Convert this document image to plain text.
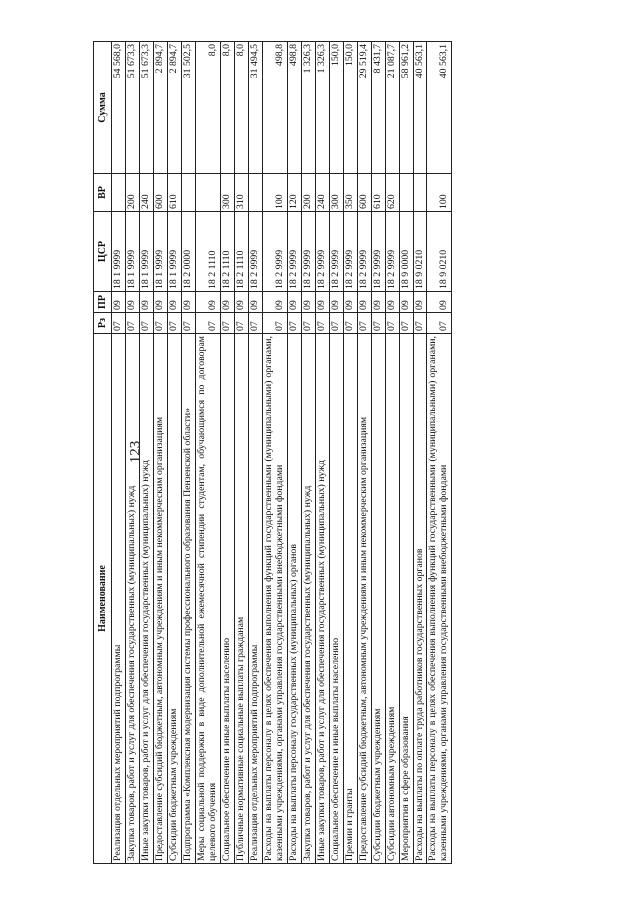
123
Наименование	Рз	ПР	ЦСР	ВР	Сумма
Реализация отдельных мероприятий подпрограммы	07	09	18 1 9999		54 568,0
Закупка товаров, работ и услуг для обеспечения государственных (муниципальных) нужд	07	09	18 1 9999	200	51 673,3
Иные закупки товаров, работ и услуг для обеспечения государственных (муниципальных) нужд	07	09	18 1 9999	240	51 673,3
Предоставление субсидий бюджетным, автономным учреждениям и иным некоммерческим организациям	07	09	18 1 9999	600	2 894,7
Субсидии бюджетным учреждениям	07	09	18 1 9999	610	2 894,7
Подпрограмма «Комплексная модернизация системы профессионального образования Пензенской области»	07	09	18 2 0000		31 502,5
Меры социальной поддержки в виде дополнительной ежемесячной стипендии студентам, обучающимся по договорам целевого обучения	07	09	18 2 1110		8,0
Социальное обеспечение и иные выплаты населению	07	09	18 2 1110	300	8,0
Публичные нормативные социальные выплаты гражданам	07	09	18 2 1110	310	8,0
Реализация отдельных мероприятий подпрограммы	07	09	18 2 9999		31 494,5
Расходы на выплаты персоналу в целях обеспечения выполнения функций государственными (муниципальными) органами, казенными учреждениями, органами управления государственными внебюджетными фондами	07	09	18 2 9999	100	498,8
Расходы на выплаты персоналу государственных (муниципальных) органов	07	09	18 2 9999	120	498,8
Закупка товаров, работ и услуг для обеспечения государственных (муниципальных) нужд	07	09	18 2 9999	200	1 326,3
Иные закупки товаров, работ и услуг для обеспечения государственных (муниципальных) нужд	07	09	18 2 9999	240	1 326,3
Социальное обеспечение и иные выплаты населению	07	09	18 2 9999	300	150,0
Премии и гранты	07	09	18 2 9999	350	150,0
Предоставление субсидий бюджетным, автономным учреждениям и иным некоммерческим организациям	07	09	18 2 9999	600	29 519,4
Субсидии бюджетным учреждениям	07	09	18 2 9999	610	8 431,7
Субсидии автономным учреждениям	07	09	18 2 9999	620	21 087,7
Мероприятия в сфере образования	07	09	18 9 0000		58 961,2
Расходы на выплаты по оплате труда работников государственных органов	07	09	18 9 0210		40 563,1
Расходы на выплаты персоналу в целях обеспечения выполнения функций государственными (муниципальными) органами, казенными учреждениями, органами управления государственными внебюджетными фондами	07	09	18 9 0210	100	40 563,1
